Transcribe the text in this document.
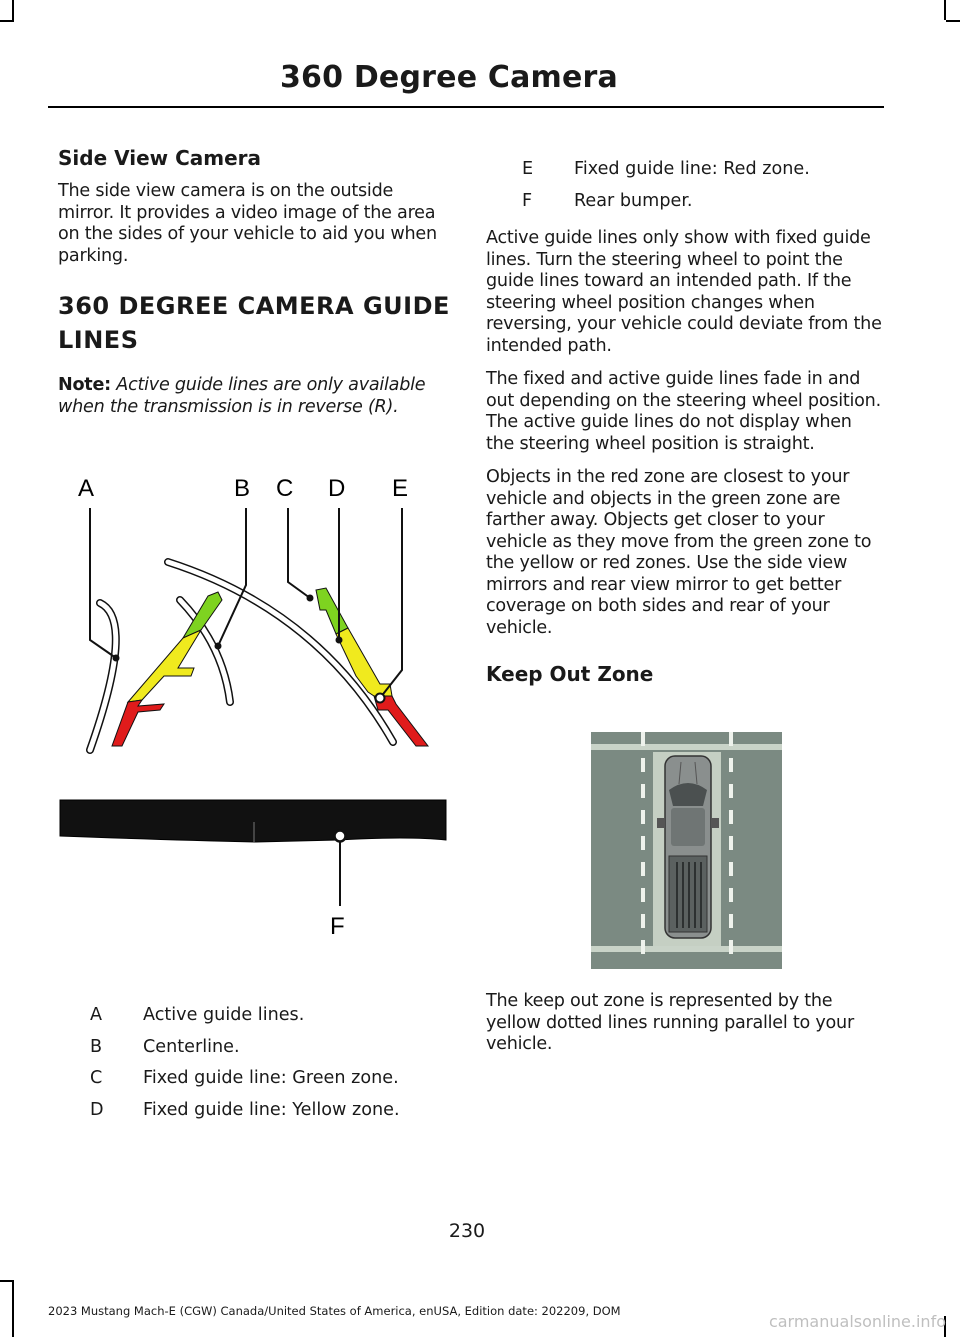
360 Degree Camera
Side View Camera

The side view camera is on the outside mirror. It provides a video image of the area on the sides of your vehicle to aid you when parking.

360 DEGREE CAMERA GUIDE
LINES

Note: Active guide lines are only available when the transmission is in reverse (R).

A	B C D E
F
A Active guide lines.
B Centerline.
C Fixed guide line: Green zone.
D Fixed guide line: Yellow zone.
E Fixed guide line: Red zone.
F Rear bumper.

Active guide lines only show with fixed guide lines. Turn the steering wheel to point the guide lines toward an intended path. If the steering wheel position changes when reversing, your vehicle could deviate from the intended path.

The fixed and active guide lines fade in and out depending on the steering wheel position. The active guide lines do not display when the steering wheel position is straight.

Objects in the red zone are closest to your vehicle and objects in the green zone are farther away. Objects get closer to your vehicle as they move from the green zone to the yellow or red zones. Use the side view mirrors and rear view mirror to get better coverage on both sides and rear of your vehicle.

Keep Out Zone

The keep out zone is represented by the yellow dotted lines running parallel to your vehicle.

230
2023 Mustang Mach-E (CGW) Canada/United States of America, enUSA, Edition date: 202209, DOM
carmanualsonline.info
